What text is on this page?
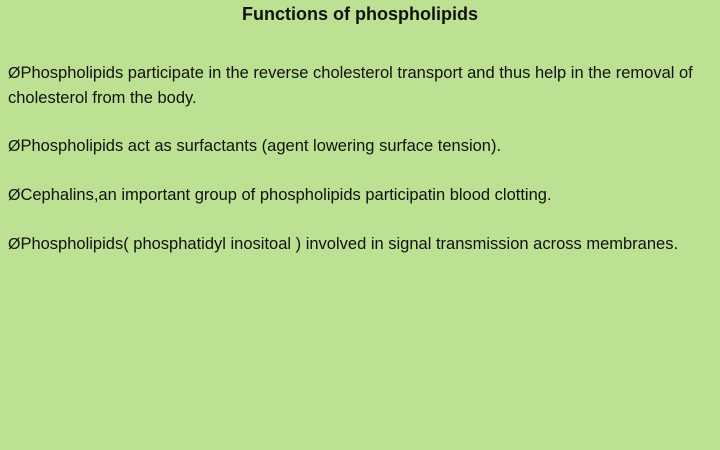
Functions of phospholipids
ØPhospholipids participate in the reverse cholesterol transport and thus help in the removal of cholesterol from the body.
ØPhospholipids act as surfactants (agent lowering surface tension).
ØCephalins,an important group of phospholipids participatin blood clotting.
ØPhospholipids( phosphatidyl inositoal ) involved in signal transmission across membranes.
